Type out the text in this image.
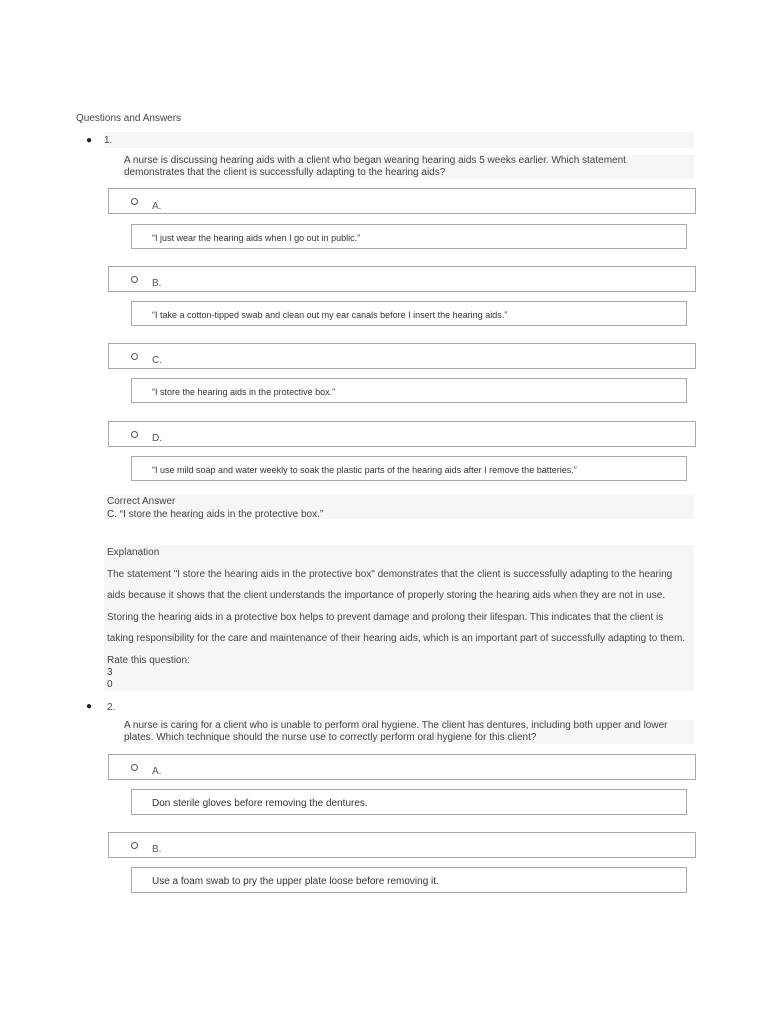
Questions and Answers
● 1.
A nurse is discussing hearing aids with a client who began wearing hearing aids 5 weeks earlier. Which statement
demonstrates that the client is successfully adapting to the hearing aids?
A.
“I just wear the hearing aids when I go out in public.”
B.
“I take a cotton-tipped swab and clean out my ear canals before I insert the hearing aids.”
C.
“I store the hearing aids in the protective box.”
D.
“I use mild soap and water weekly to soak the plastic parts of the hearing aids after I remove the batteries.”
Correct Answer
C. “I store the hearing aids in the protective box.”
Explanation
The statement "I store the hearing aids in the protective box" demonstrates that the client is successfully adapting to the hearing
aids because it shows that the client understands the importance of properly storing the hearing aids when they are not in use.
Storing the hearing aids in a protective box helps to prevent damage and prolong their lifespan. This indicates that the client is
taking responsibility for the care and maintenance of their hearing aids, which is an important part of successfully adapting to them.
Rate this question:
3
0
● 2.
A nurse is caring for a client who is unable to perform oral hygiene. The client has dentures, including both upper and lower
plates. Which technique should the nurse use to correctly perform oral hygiene for this client?
A.
Don sterile gloves before removing the dentures.
B.
Use a foam swab to pry the upper plate loose before removing it.
